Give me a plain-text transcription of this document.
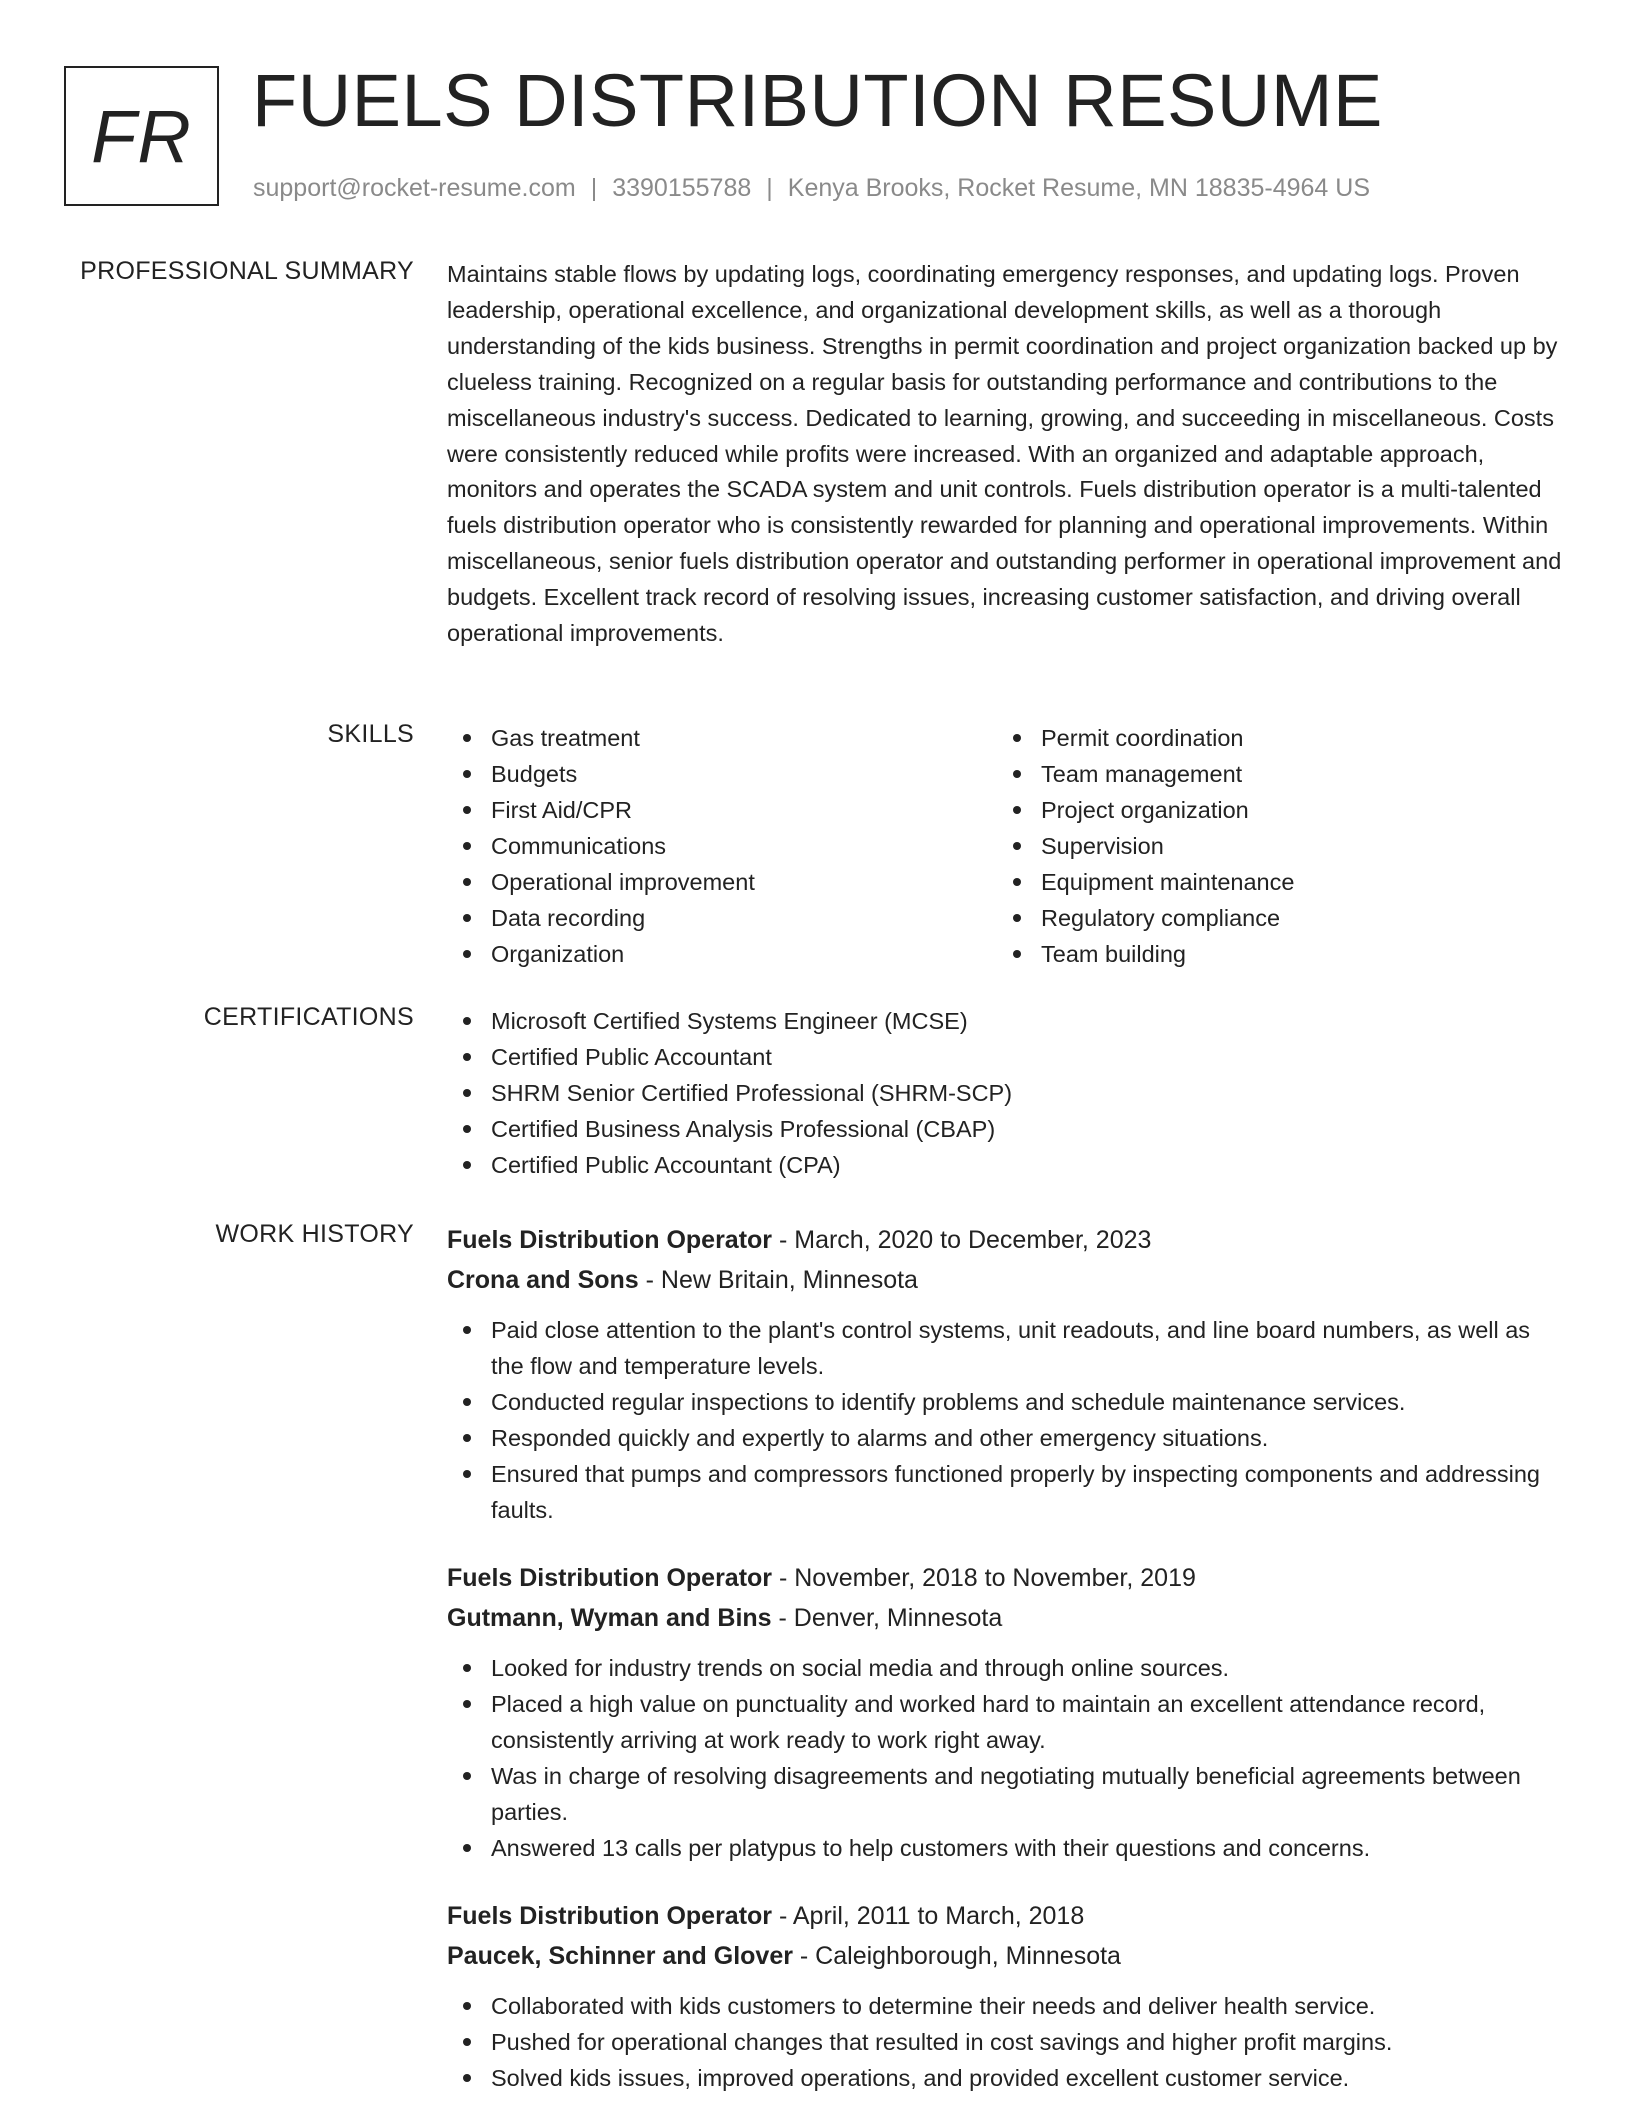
FR FUELS DISTRIBUTION RESUME
support@rocket-resume.com | 3390155788 | Kenya Brooks, Rocket Resume, MN 18835-4964 US
PROFESSIONAL SUMMARY Maintains stable flows by updating logs, coordinating emergency responses, and updating logs. Proven leadership, operational excellence, and organizational development skills, as well as a thorough understanding of the kids business. Strengths in permit coordination and project organization backed up by clueless training. Recognized on a regular basis for outstanding performance and contributions to the miscellaneous industry's success. Dedicated to learning, growing, and succeeding in miscellaneous. Costs were consistently reduced while profits were increased. With an organized and adaptable approach, monitors and operates the SCADA system and unit controls. Fuels distribution operator is a multi-talented fuels distribution operator who is consistently rewarded for planning and operational improvements. Within miscellaneous, senior fuels distribution operator and outstanding performer in operational improvement and budgets. Excellent track record of resolving issues, increasing customer satisfaction, and driving overall operational improvements.
SKILLS	Gas treatment
Budgets
First Aid/CPR
Communications
Operational improvement
Data recording
Organization
Permit coordination
Team management
Project organization
Supervision
Equipment maintenance
Regulatory compliance
Team building
CERTIFICATIONS	Microsoft Certified Systems Engineer (MCSE)
Certified Public Accountant
SHRM Senior Certified Professional (SHRM-SCP)
Certified Business Analysis Professional (CBAP)
Certified Public Accountant (CPA)
WORK HISTORY Fuels Distribution Operator - March, 2020 to December, 2023
Crona and Sons - New Britain, Minnesota
Paid close attention to the plant's control systems, unit readouts, and line board numbers, as well as the flow and temperature levels.
Conducted regular inspections to identify problems and schedule maintenance services.
Responded quickly and expertly to alarms and other emergency situations.
Ensured that pumps and compressors functioned properly by inspecting components and addressing faults.
Fuels Distribution Operator - November, 2018 to November, 2019
Gutmann, Wyman and Bins - Denver, Minnesota
Looked for industry trends on social media and through online sources.
Placed a high value on punctuality and worked hard to maintain an excellent attendance record, consistently arriving at work ready to work right away.
Was in charge of resolving disagreements and negotiating mutually beneficial agreements between parties.
Answered 13 calls per platypus to help customers with their questions and concerns.
Fuels Distribution Operator - April, 2011 to March, 2018
Paucek, Schinner and Glover - Caleighborough, Minnesota
Collaborated with kids customers to determine their needs and deliver health service.
Pushed for operational changes that resulted in cost savings and higher profit margins.
Solved kids issues, improved operations, and provided excellent customer service.
